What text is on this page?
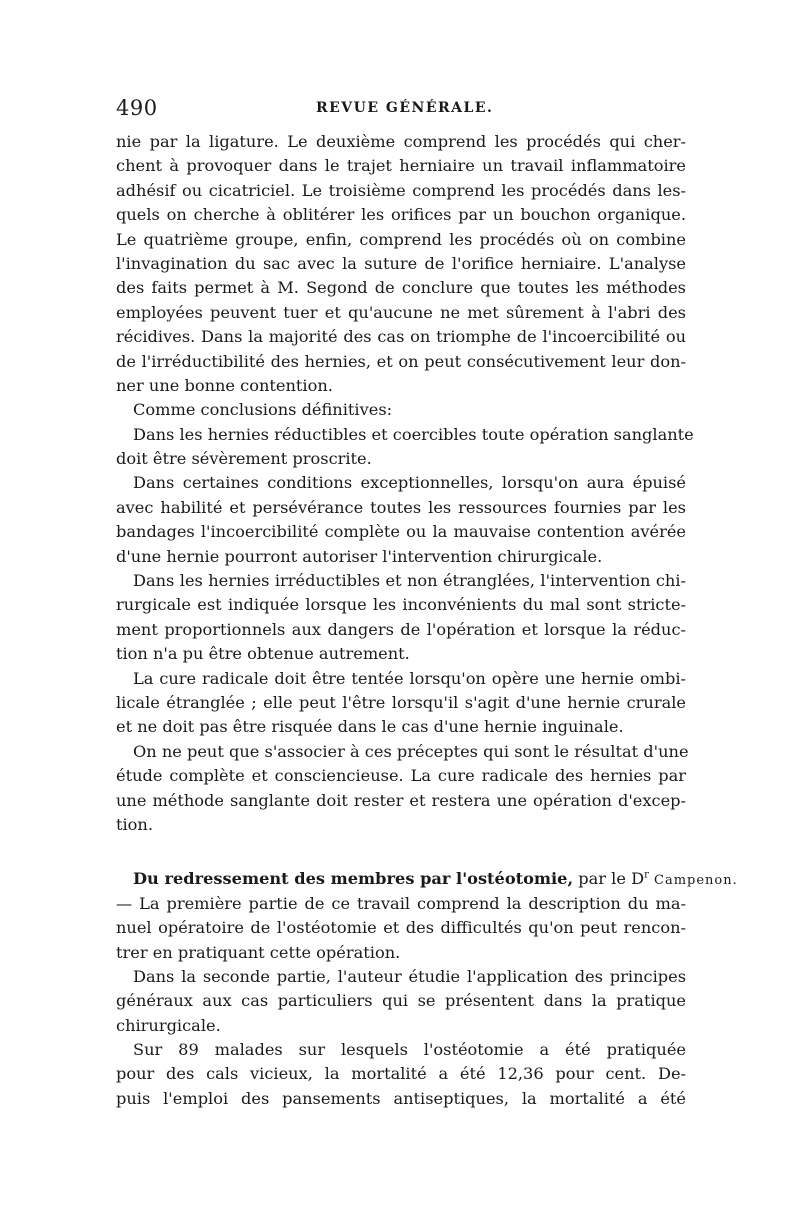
490	REVUE GÉNÉRALE.
nie par la ligature. Le deuxième comprend les procédés qui cher-
chent à provoquer dans le trajet herniaire un travail inflammatoire
adhésif ou cicatriciel. Le troisième comprend les procédés dans les-
quels on cherche à oblitérer les orifices par un bouchon organique.
Le quatrième groupe, enfin, comprend les procédés où on combine
l'invagination du sac avec la suture de l'orifice herniaire. L'analyse
des faits permet à M. Segond de conclure que toutes les méthodes
employées peuvent tuer et qu'aucune ne met sûrement à l'abri des
récidives. Dans la majorité des cas on triomphe de l'incoercibilité ou
de l'irréductibilité des hernies, et on peut consécutivement leur don-
ner une bonne contention.
Comme conclusions définitives:
Dans les hernies réductibles et coercibles toute opération sanglante
doit être sévèrement proscrite.
Dans certaines conditions exceptionnelles, lorsqu'on aura épuisé
avec habilité et persévérance toutes les ressources fournies par les
bandages l'incoercibilité complète ou la mauvaise contention avérée
d'une hernie pourront autoriser l'intervention chirurgicale.
Dans les hernies irréductibles et non étranglées, l'intervention chi-
rurgicale est indiquée lorsque les inconvénients du mal sont stricte-
ment proportionnels aux dangers de l'opération et lorsque la réduc-
tion n'a pu être obtenue autrement.
La cure radicale doit être tentée lorsqu'on opère une hernie ombi-
licale étranglée ; elle peut l'être lorsqu'il s'agit d'une hernie crurale
et ne doit pas être risquée dans le cas d'une hernie inguinale.
On ne peut que s'associer à ces préceptes qui sont le résultat d'une
étude complète et consciencieuse. La cure radicale des hernies par
une méthode sanglante doit rester et restera une opération d'excep-
tion.
Du redressement des membres par l'ostéotomie, par le $D^r$ Campenon.
— La première partie de ce travail comprend la description du ma-
nuel opératoire de l'ostéotomie et des difficultés qu'on peut rencon-
trer en pratiquant cette opération.
Dans la seconde partie, l'auteur étudie l'application des principes
généraux aux cas particuliers qui se présentent dans la pratique
chirurgicale.
Sur 89 malades sur lesquels l'ostéotomie a été pratiquée
pour des cals vicieux, la mortalité a été 12,36 pour cent. De-
puis l'emploi des pansements antiseptiques, la mortalité a été
